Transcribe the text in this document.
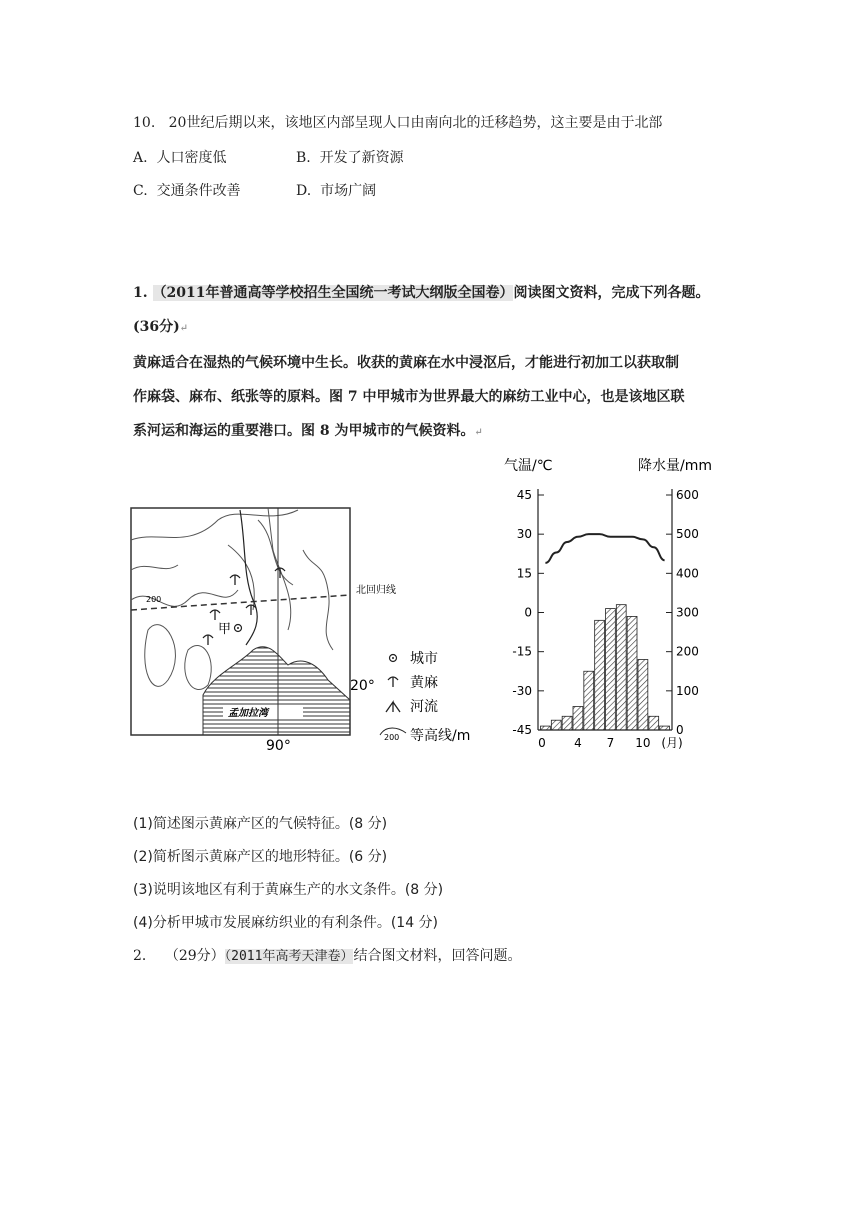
10. 20世纪后期以来，该地区内部呈现人口由南向北的迁移趋势，这主要是由于北部
A. 人口密度低	B. 开发了新资源
C. 交通条件改善	D. 市场广阔
1. （2011年普通高等学校招生全国统一考试大纲版全国卷）阅读图文资料，完成下列各题。
(36分)↵
黄麻适合在湿热的气候环境中生长。收获的黄麻在水中浸沤后，才能进行初加工以获取制
作麻袋、麻布、纸张等的原料。图 7 中甲城市为世界最大的麻纺工业中心，也是该地区联
系河运和海运的重要港口。图 8 为甲城市的气候资料。↵
孟加拉湾
北回归线
200
90°
20°
甲
城市
黄麻
河流
200 等高线/m
气温/℃	降水量/mm
45
30
15
0
-15
-30
-45
600
500
400
300
200
100
0
0 4 7 10 (月)
(1)简述图示黄麻产区的气候特征。(8 分)
(2)简析图示黄麻产区的地形特征。(6 分)
(3)说明该地区有利于黄麻生产的水文条件。(8 分)
(4)分析甲城市发展麻纺织业的有利条件。(14 分)
2． （29分）（2011年高考天津卷）结合图文材料，回答问题。
